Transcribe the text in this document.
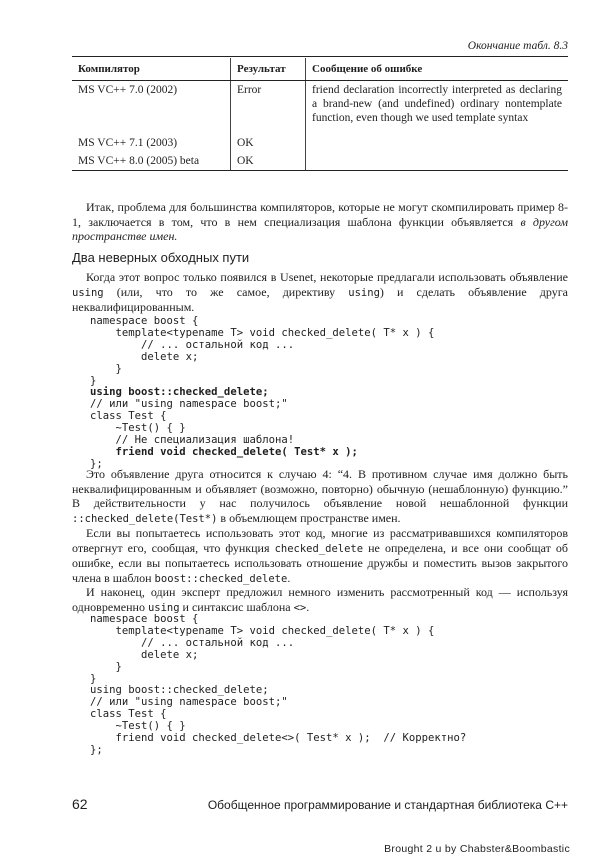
Окончание табл. 8.3
Компилятор	Результат	Сообщение об ошибке
MS VC++ 7.0 (2002)	Error	friend declaration incorrectly interpreted as declaring a brand-new (and undefined) ordinary nontemplate function, even though we used template syntax
MS VC++ 7.1 (2003)	OK	
MS VC++ 8.0 (2005) beta	OK	

Итак, проблема для большинства компиляторов, которые не могут скомпилировать пример 8-1, заключается в том, что в нем специализация шаблона функции объявляется в другом пространстве имен.

Два неверных обходных пути

Когда этот вопрос только появился в Usenet, некоторые предлагали использовать объявление using (или, что то же самое, директиву using) и сделать объявление друга неквалифицированным.

namespace boost {
template<typename T> void checked_delete( T* x ) {
// ... остальной код ...
delete x;
}
}
using boost::checked_delete;
// или "using namespace boost;"
class Test {
~Test() { }
// Не специализация шаблона!
friend void checked_delete( Test* x );
};

Это объявление друга относится к случаю 4: “4. В противном случае имя должно быть неквалифицированным и объявляет (возможно, повторно) обычную (нешаблонную) функцию.” В действительности у нас получилось объявление новой нешаблонной функции ::checked_delete(Test*) в объемлющем пространстве имен.

Если вы попытаетесь использовать этот код, многие из рассматривавшихся компиляторов отвергнут его, сообщая, что функция checked_delete не определена, и все они сообщат об ошибке, если вы попытаетесь использовать отношение дружбы и поместить вызов закрытого члена в шаблон boost::checked_delete.

И наконец, один эксперт предложил немного изменить рассмотренный код — используя одновременно using и синтаксис шаблона <>.

namespace boost {
template<typename T> void checked_delete( T* x ) {
// ... остальной код ...
delete x;
}
}
using boost::checked_delete;
// или "using namespace boost;"
class Test {
~Test() { }
friend void checked_delete<>( Test* x );  // Корректно?
};
62	Обобщенное программирование и стандартная библиотека C++
Brought 2 u by Chabster&Boombastic
